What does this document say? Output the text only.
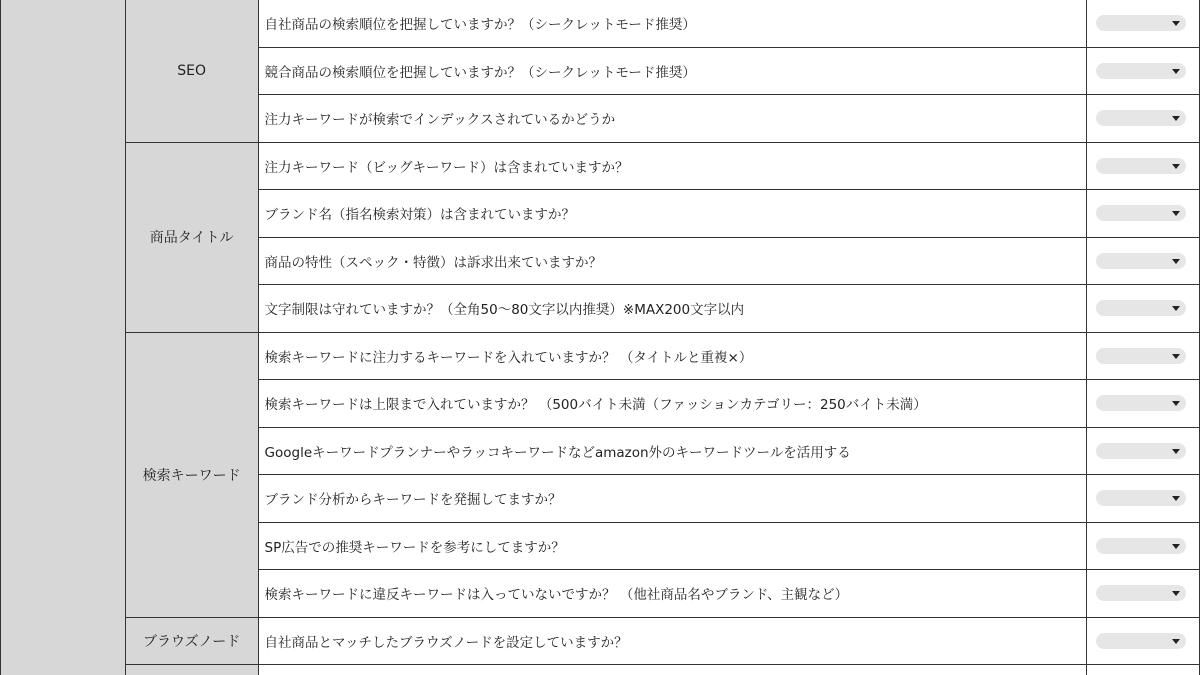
	SEO	自社商品の検索順位を把握していますか？（シークレットモード推奨）	

		競合商品の検索順位を把握していますか？（シークレットモード推奨）	

		注力キーワードが検索でインデックスされているかどうか	

	商品タイトル	注力キーワード（ビッグキーワード）は含まれていますか？	

		ブランド名（指名検索対策）は含まれていますか？	

		商品の特性（スペック・特徴）は訴求出来ていますか？	

		文字制限は守れていますか？（全角50〜80文字以内推奨）※MAX200文字以内	

	検索キーワード	検索キーワードに注力するキーワードを入れていますか？ （タイトルと重複×）	

		検索キーワードは上限まで入れていますか？ （500バイト未満（ファッションカテゴリー：250バイト未満）	

		Googleキーワードプランナーやラッコキーワードなどamazon外のキーワードツールを活用する	

		ブランド分析からキーワードを発掘してますか？	

		SP広告での推奨キーワードを参考にしてますか？	

		検索キーワードに違反キーワードは入っていないですか？ （他社商品名やブランド、主観など）	

	ブラウズノード	自社商品とマッチしたブラウズノードを設定していますか？	
